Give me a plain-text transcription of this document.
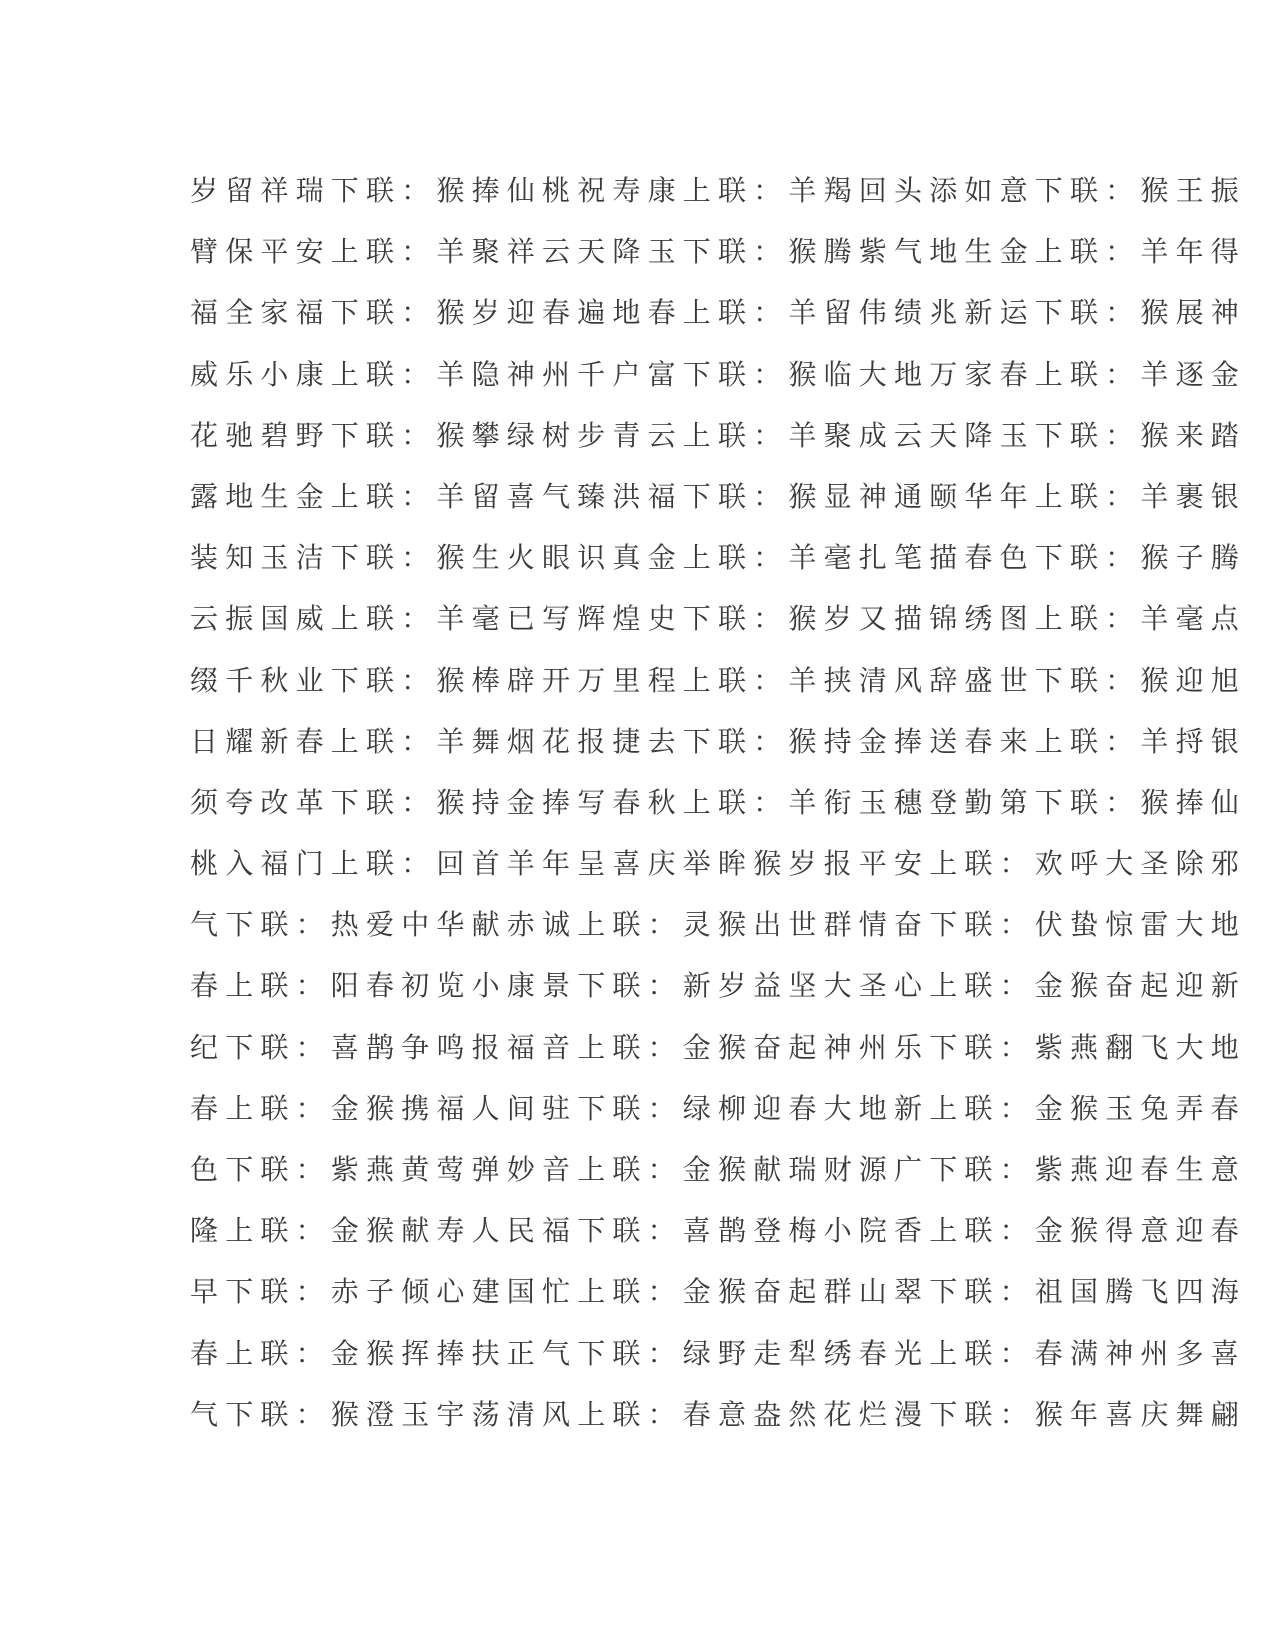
岁留祥瑞下联：猴捧仙桃祝寿康上联：羊羯回头添如意下联：猴王振
臂保平安上联：羊聚祥云天降玉下联：猴腾紫气地生金上联：羊年得
福全家福下联：猴岁迎春遍地春上联：羊留伟绩兆新运下联：猴展神
威乐小康上联：羊隐神州千户富下联：猴临大地万家春上联：羊逐金
花驰碧野下联：猴攀绿树步青云上联：羊聚成云天降玉下联：猴来踏
露地生金上联：羊留喜气臻洪福下联：猴显神通颐华年上联：羊裹银
装知玉洁下联：猴生火眼识真金上联：羊毫扎笔描春色下联：猴子腾
云振国威上联：羊毫已写辉煌史下联：猴岁又描锦绣图上联：羊毫点
缀千秋业下联：猴棒辟开万里程上联：羊挟清风辞盛世下联：猴迎旭
日耀新春上联：羊舞烟花报捷去下联：猴持金捧送春来上联：羊捋银
须夸改革下联：猴持金捧写春秋上联：羊衔玉穗登勤第下联：猴捧仙
桃入福门上联：回首羊年呈喜庆举眸猴岁报平安上联：欢呼大圣除邪
气下联：热爱中华献赤诚上联：灵猴出世群情奋下联：伏蛰惊雷大地
春上联：阳春初览小康景下联：新岁益坚大圣心上联：金猴奋起迎新
纪下联：喜鹊争鸣报福音上联：金猴奋起神州乐下联：紫燕翻飞大地
春上联：金猴携福人间驻下联：绿柳迎春大地新上联：金猴玉兔弄春
色下联：紫燕黄莺弹妙音上联：金猴献瑞财源广下联：紫燕迎春生意
隆上联：金猴献寿人民福下联：喜鹊登梅小院香上联：金猴得意迎春
早下联：赤子倾心建国忙上联：金猴奋起群山翠下联：祖国腾飞四海
春上联：金猴挥捧扶正气下联：绿野走犁绣春光上联：春满神州多喜
气下联：猴澄玉宇荡清风上联：春意盎然花烂漫下联：猴年喜庆舞翩
